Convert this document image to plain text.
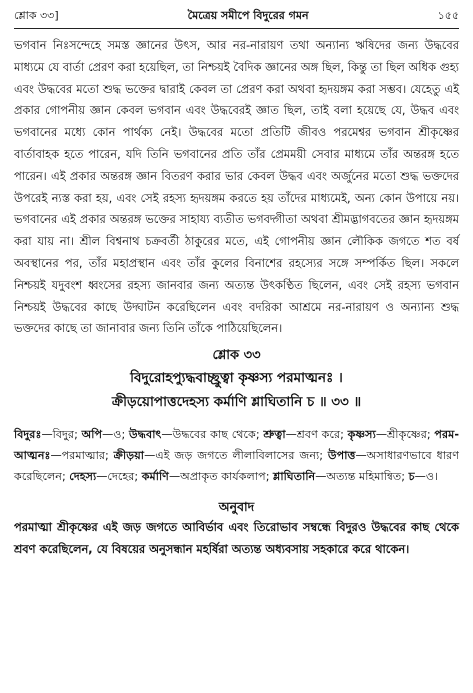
শ্লোক ৩৩]	মৈত্রেয় সমীপে বিদুরের গমন	১৫৫

ভগবান নিঃসন্দেহে সমস্ত জ্ঞানের উৎস, আর নর-নারায়ণ তথা অন্যান্য ঋষিদের জন্য উদ্ধবের মাধ্যমে যে বার্তা প্রেরণ করা হয়েছিল, তা নিশ্চয়ই বৈদিক জ্ঞানের অঙ্গ ছিল, কিন্তু তা ছিল অধিক গুহ্য এবং উদ্ধবের মতো শুদ্ধ ভক্তের দ্বারাই কেবল তা প্রেরণ করা অথবা হৃদয়ঙ্গম করা সম্ভব। যেহেতু এই প্রকার গোপনীয় জ্ঞান কেবল ভগবান এবং উদ্ধবেরই জ্ঞাত ছিল, তাই বলা হয়েছে যে, উদ্ধব এবং ভগবানের মধ্যে কোন পার্থক্য নেই। উদ্ধবের মতো প্রতিটি জীবও পরমেশ্বর ভগবান শ্রীকৃষ্ণের বার্তাবাহক হতে পারেন, যদি তিনি ভগবানের প্রতি তাঁর প্রেমময়ী সেবার মাধ্যমে তাঁর অন্তরঙ্গ হতে পারেন। এই প্রকার অন্তরঙ্গ জ্ঞান বিতরণ করার ভার কেবল উদ্ধব এবং অর্জুনের মতো শুদ্ধ ভক্তদের উপরেই ন্যস্ত করা হয়, এবং সেই রহস্য হৃদয়ঙ্গম করতে হয় তাঁদের মাধ্যমেই, অন্য কোন উপায়ে নয়। ভগবানের এই প্রকার অন্তরঙ্গ ভক্তের সাহায্য ব্যতীত ভগবদ্গীতা অথবা শ্রীমদ্ভাগবতের জ্ঞান হৃদয়ঙ্গম করা যায় না। শ্রীল বিশ্বনাথ চক্রবর্তী ঠাকুরের মতে, এই গোপনীয় জ্ঞান লৌকিক জগতে শত বর্ষ অবস্থানের পর, তাঁর মহাপ্রস্থান এবং তাঁর কুলের বিনাশের রহস্যের সঙ্গে সম্পর্কিত ছিল। সকলে নিশ্চয়ই যদুবংশ ধ্বংসের রহস্য জানবার জন্য অত্যন্ত উৎকণ্ঠিত ছিলেন, এবং সেই রহস্য ভগবান নিশ্চয়ই উদ্ধবের কাছে উদ্ঘাটন করেছিলেন এবং বদরিকা আশ্রমে নর-নারায়ণ ও অন্যান্য শুদ্ধ ভক্তদের কাছে তা জানাবার জন্য তিনি তাঁকে পাঠিয়েছিলেন।

শ্লোক ৩৩
বিদুরোহপ্যুদ্ধবাচ্ছ্রুত্বা কৃষ্ণস্য পরমাত্মনঃ ।
ক্রীড়য়োপাত্তদেহস্য কর্মাণি শ্লাঘিতানি চ ॥ ৩৩ ॥
বিদুরঃ—বিদুর; অপি—ও; উদ্ধবাৎ—উদ্ধবের কাছ থেকে; শ্রুত্বা—শ্রবণ করে; কৃষ্ণস্য—শ্রীকৃষ্ণের; পরম-আত্মনঃ—পরমাত্মার; ক্রীড়য়া—এই জড় জগতে লীলাবিলাসের জন্য; উপাত্ত—অসাধারণভাবে ধারণ করেছিলেন; দেহস্য—দেহের; কর্মাণি—অপ্রাকৃত কার্যকলাপ; শ্লাঘিতানি—অত্যন্ত মহিমান্বিত; চ—ও।
অনুবাদ

পরমাত্মা শ্রীকৃষ্ণের এই জড় জগতে আবির্ভাব এবং তিরোভাব সম্বন্ধে বিদুরও উদ্ধবের কাছ থেকে শ্রবণ করেছিলেন, যে বিষয়ের অনুসন্ধান মহর্ষিরা অত্যন্ত অধ্যবসায় সহকারে করে থাকেন।
